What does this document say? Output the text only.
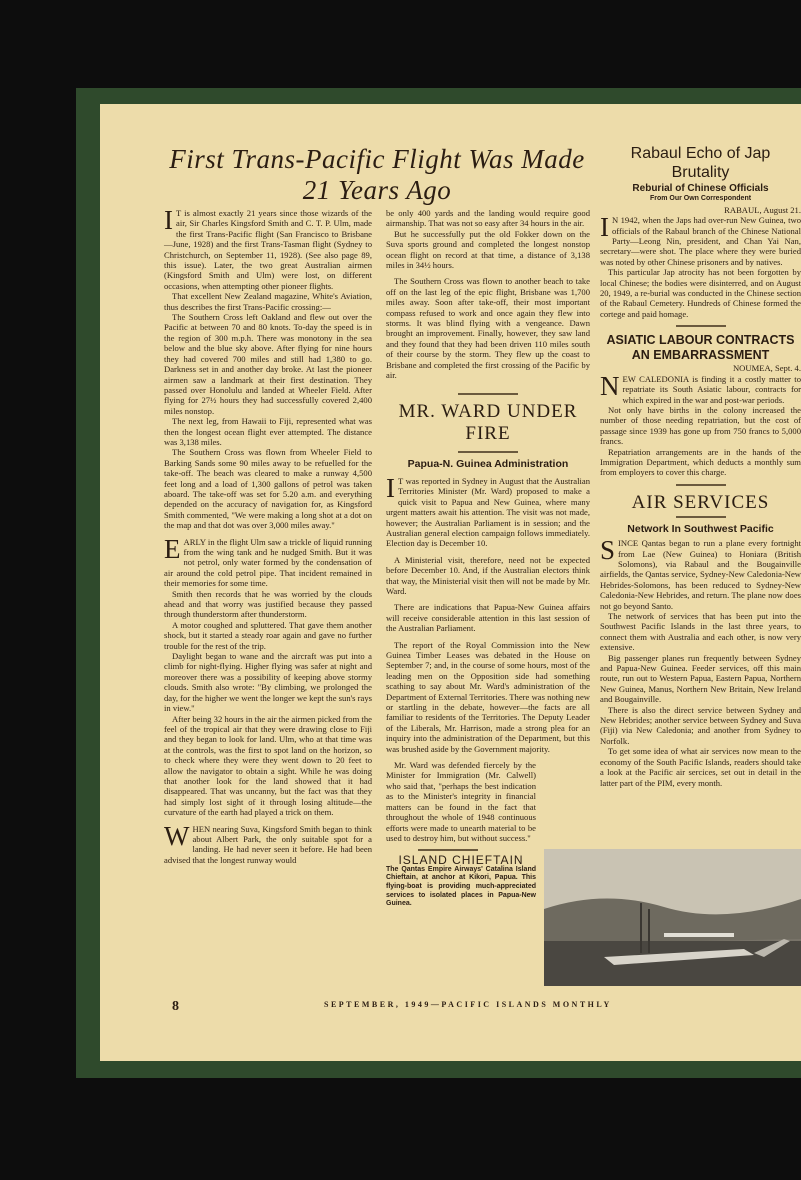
First Trans-Pacific Flight Was Made 21 Years Ago

I T is almost exactly 21 years since those wizards of the air, Sir Charles Kingsford Smith and C. T. P. Ulm, made the first Trans-Pacific flight (San Francisco to Brisbane—June, 1928) and the first Trans-Tasman flight (Sydney to Christchurch, on September 11, 1928). (See also page 89, this issue). Later, the two great Australian airmen (Kingsford Smith and Ulm) were lost, on different occasions, when attempting other pioneer flights.

That excellent New Zealand magazine, White's Aviation, thus describes the first Trans-Pacific crossing:—

The Southern Cross left Oakland and flew out over the Pacific at between 70 and 80 knots. To-day the speed is in the region of 300 m.p.h. There was monotony in the sea below and the blue sky above. After flying for nine hours they had covered 700 miles and still had 1,380 to go. Darkness set in and another day broke. At last the pioneer airmen saw a landmark at their first destination. They passed over Honolulu and landed at Wheeler Field. After flying for 27½ hours they had successfully covered 2,400 miles nonstop.

The next leg, from Hawaii to Fiji, represented what was then the longest ocean flight ever attempted. The distance was 3,138 miles.

The Southern Cross was flown from Wheeler Field to Barking Sands some 90 miles away to be refuelled for the take-off. The beach was cleared to make a runway 4,500 feet long and a load of 1,300 gallons of petrol was taken aboard. The take-off was set for 5.20 a.m. and everything depended on the accuracy of navigation for, as Kingsford Smith commented, "We were making a long shot at a dot on the map and that dot was over 3,000 miles away."

EARLY in the flight Ulm saw a trickle of liquid running from the wing tank and he nudged Smith. But it was not petrol, only water formed by the condensation of air around the cold petrol pipe. That incident remained in their memories for some time.

Smith then records that he was worried by the clouds ahead and that worry was justified because they passed through thunderstorm after thunderstorm.

A motor coughed and spluttered. That gave them another shock, but it started a steady roar again and gave no further trouble for the rest of the trip.

Daylight began to wane and the aircraft was put into a climb for night-flying. Higher flying was safer at night and moreover there was a possibility of keeping above stormy clouds. Smith also wrote: "By climbing, we prolonged the day, for the higher we went the longer we kept the sun's rays in view."

After being 32 hours in the air the airmen picked from the feel of the tropical air that they were drawing close to Fiji and they began to look for land. Ulm, who at that time was at the controls, was the first to spot land on the horizon, so to check where they were they went down to 20 feet to allow the navigator to obtain a sight. While he was doing that another look for the land showed that it had disappeared. That was uncanny, but the fact was that they had simply lost sight of it through losing altitude—the curvature of the earth had played a trick on them.

WHEN nearing Suva, Kingsford Smith began to think about Albert Park, the only suitable spot for a landing. He had never seen it before. He had been advised that the longest runway would

be only 400 yards and the landing would require good airmanship. That was not so easy after 34 hours in the air.

But he successfully put the old Fokker down on the Suva sports ground and completed the longest nonstop ocean flight on record at that time, a distance of 3,138 miles in 34½ hours.

The Southern Cross was flown to another beach to take off on the last leg of the epic flight, Brisbane was 1,700 miles away. Soon after take-off, their most important compass refused to work and once again they flew into storms. It was blind flying with a vengeance. Dawn brought an improvement. Finally, however, they saw land and they found that they had been driven 110 miles south of their course by the storm. They flew up the coast to Brisbane and completed the first crossing of the Pacific by air.

MR. WARD UNDER FIRE
Papua-N. Guinea Administration

I T was reported in Sydney in August that the Australian Territories Minister (Mr. Ward) proposed to make a quick visit to Papua and New Guinea, where many urgent matters await his attention. The visit was not made, however; the Australian Parliament is in session; and the Australian general election campaign follows immediately. Election day is December 10.

A Ministerial visit, therefore, need not be expected before December 10. And, if the Australian electors think that way, the Ministerial visit then will not be made by Mr. Ward.

There are indications that Papua-New Guinea affairs will receive considerable attention in this last session of the Australian Parliament.

The report of the Royal Commission into the New Guinea Timber Leases was debated in the House on September 7; and, in the course of some hours, most of the leading men on the Opposition side had something scathing to say about Mr. Ward's administration of the Department of External Territories. There was nothing new or startling in the debate, however—the facts are all familiar to residents of the Territories. The Deputy Leader of the Liberals, Mr. Harrison, made a strong plea for an inquiry into the administration of the Department, but this was brushed aside by the Government majority.

Mr. Ward was defended fiercely by the Minister for Immigration (Mr. Calwell) who said that, "perhaps the best indication as to the Minister's integrity in financial matters can be found in the fact that throughout the whole of 1948 continuous efforts were made to unearth material to be used to destroy him, but without success."

ISLAND CHIEFTAIN

The Qantas Empire Airways' Catalina Island Chieftain, at anchor at Kikori, Papua. This flying-boat is providing much-appreciated services to isolated places in Papua-New Guinea.

Rabaul Echo of Jap Brutality
Reburial of Chinese Officials
From Our Own Correspondent
RABAUL, August 21.

I N 1942, when the Japs had over-run New Guinea, two officials of the Rabaul branch of the Chinese National Party—Leong Nin, president, and Chan Yai Nan, secretary—were shot. The place where they were buried was noted by other Chinese prisoners and by natives.

This particular Jap atrocity has not been forgotten by local Chinese; the bodies were disinterred, and on August 20, 1949, a re-burial was conducted in the Chinese section of the Rabaul Cemetery. Hundreds of Chinese formed the cortege and paid homage.

ASIATIC LABOUR CONTRACTS AN EMBARRASSMENT
NOUMEA, Sept. 4.

NEW CALEDONIA is finding it a costly matter to repatriate its South Asiatic labour, contracts for which expired in the war and post-war periods.

Not only have births in the colony increased the number of those needing repatriation, but the cost of passage since 1939 has gone up from 750 francs to 5,000 francs.

Repatriation arrangements are in the hands of the Immigration Department, which deducts a monthly sum from employers to cover this charge.

AIR SERVICES
Network In Southwest Pacific

SINCE Qantas began to run a plane every fortnight from Lae (New Guinea) to Honiara (British Solomons), via Rabaul and the Bougainville airfields, the Qantas service, Sydney-New Caledonia-New Hebrides-Solomons, has been reduced to Sydney-New Caledonia-New Hebrides, and return. The plane now does not go beyond Santo.

The network of services that has been put into the Southwest Pacific Islands in the last three years, to connect them with Australia and each other, is now very extensive.

Big passenger planes run frequently between Sydney and Papua-New Guinea. Feeder services, off this main route, run out to Western Papua, Eastern Papua, Northern New Guinea, Manus, Northern New Britain, New Ireland and Bougainville.

There is also the direct service between Sydney and New Hebrides; another service between Sydney and Suva (Fiji) via New Caledonia; and another from Sydney to Norfolk.

To get some idea of what air services now mean to the economy of the South Pacific Islands, readers should take a look at the Pacific air sercices, set out in detail in the latter part of the PIM, every month.

8	SEPTEMBER, 1949—PACIFIC ISLANDS MONTHLY
